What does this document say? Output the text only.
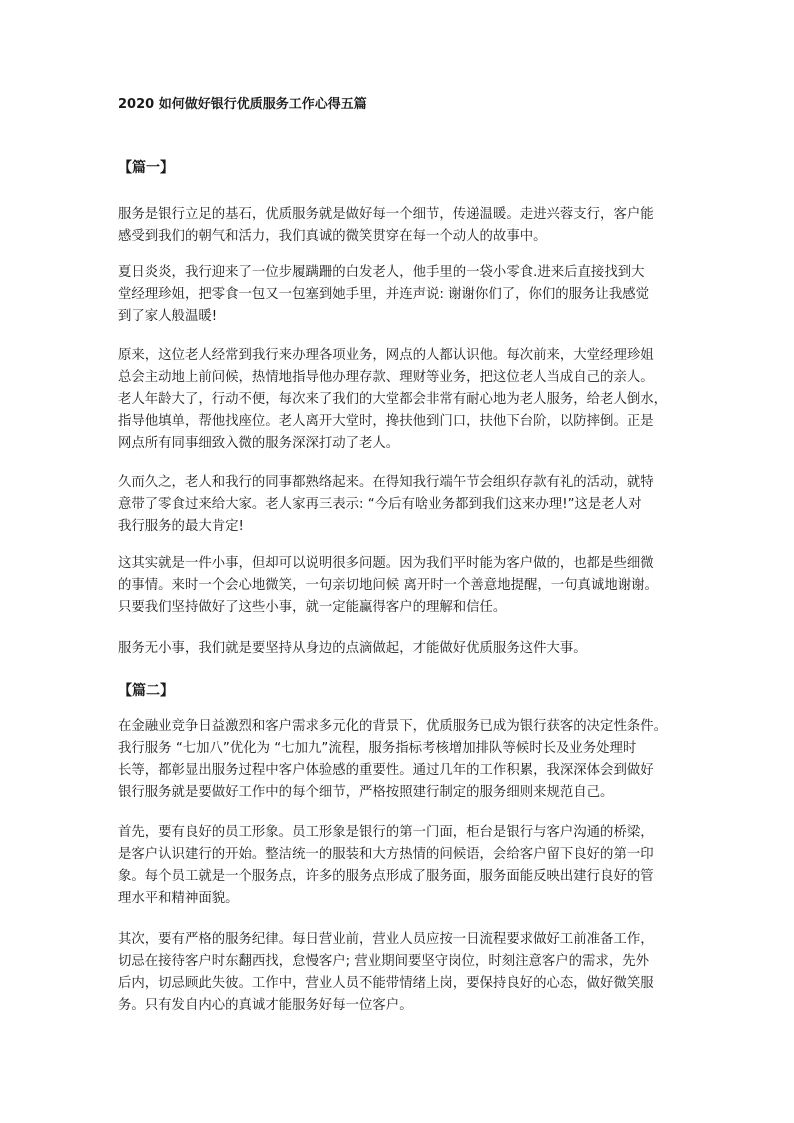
2020 如何做好银行优质服务工作心得五篇
【篇一】
服务是银行立足的基石，优质服务就是做好每一个细节，传递温暖。走进兴蓉支行，客户能
感受到我们的朝气和活力，我们真诚的微笑贯穿在每一个动人的故事中。
夏日炎炎，我行迎来了一位步履蹒跚的白发老人，他手里的一袋小零食.进来后直接找到大
堂经理珍姐，把零食一包又一包塞到她手里，并连声说: 谢谢你们了，你们的服务让我感觉
到了家人般温暖!
原来，这位老人经常到我行来办理各项业务，网点的人都认识他。每次前来，大堂经理珍姐
总会主动地上前问候，热情地指导他办理存款、理财等业务，把这位老人当成自己的亲人。
老人年龄大了，行动不便，每次来了我们的大堂都会非常有耐心地为老人服务，给老人倒水，
指导他填单，帮他找座位。老人离开大堂时，搀扶他到门口，扶他下台阶，以防摔倒。正是
网点所有同事细致入微的服务深深打动了老人。
久而久之，老人和我行的同事都熟络起来。在得知我行端午节会组织存款有礼的活动，就特
意带了零食过来给大家。老人家再三表示: “今后有啥业务都到我们这来办理!”这是老人对
我行服务的最大肯定!
这其实就是一件小事，但却可以说明很多问题。因为我们平时能为客户做的，也都是些细微
的事情。来时一个会心地微笑，一句亲切地问候 离开时一个善意地提醒，一句真诚地谢谢。
只要我们坚持做好了这些小事，就一定能赢得客户的理解和信任。
服务无小事，我们就是要坚持从身边的点滴做起，才能做好优质服务这件大事。
【篇二】
在金融业竞争日益激烈和客户需求多元化的背景下，优质服务已成为银行获客的决定性条件。
我行服务 “七加八”优化为 “七加九”流程，服务指标考核增加排队等候时长及业务处理时
长等，都彰显出服务过程中客户体验感的重要性。通过几年的工作积累，我深深体会到做好
银行服务就是要做好工作中的每个细节，严格按照建行制定的服务细则来规范自己。
首先，要有良好的员工形象。员工形象是银行的第一门面，柜台是银行与客户沟通的桥梁，
是客户认识建行的开始。整洁统一的服装和大方热情的问候语，会给客户留下良好的第一印
象。每个员工就是一个服务点，许多的服务点形成了服务面，服务面能反映出建行良好的管
理水平和精神面貌。
其次，要有严格的服务纪律。每日营业前，营业人员应按一日流程要求做好工前准备工作，
切忌在接待客户时东翻西找，怠慢客户; 营业期间要坚守岗位，时刻注意客户的需求，先外
后内，切忌顾此失彼。工作中，营业人员不能带情绪上岗，要保持良好的心态，做好微笑服
务。只有发自内心的真诚才能服务好每一位客户。
